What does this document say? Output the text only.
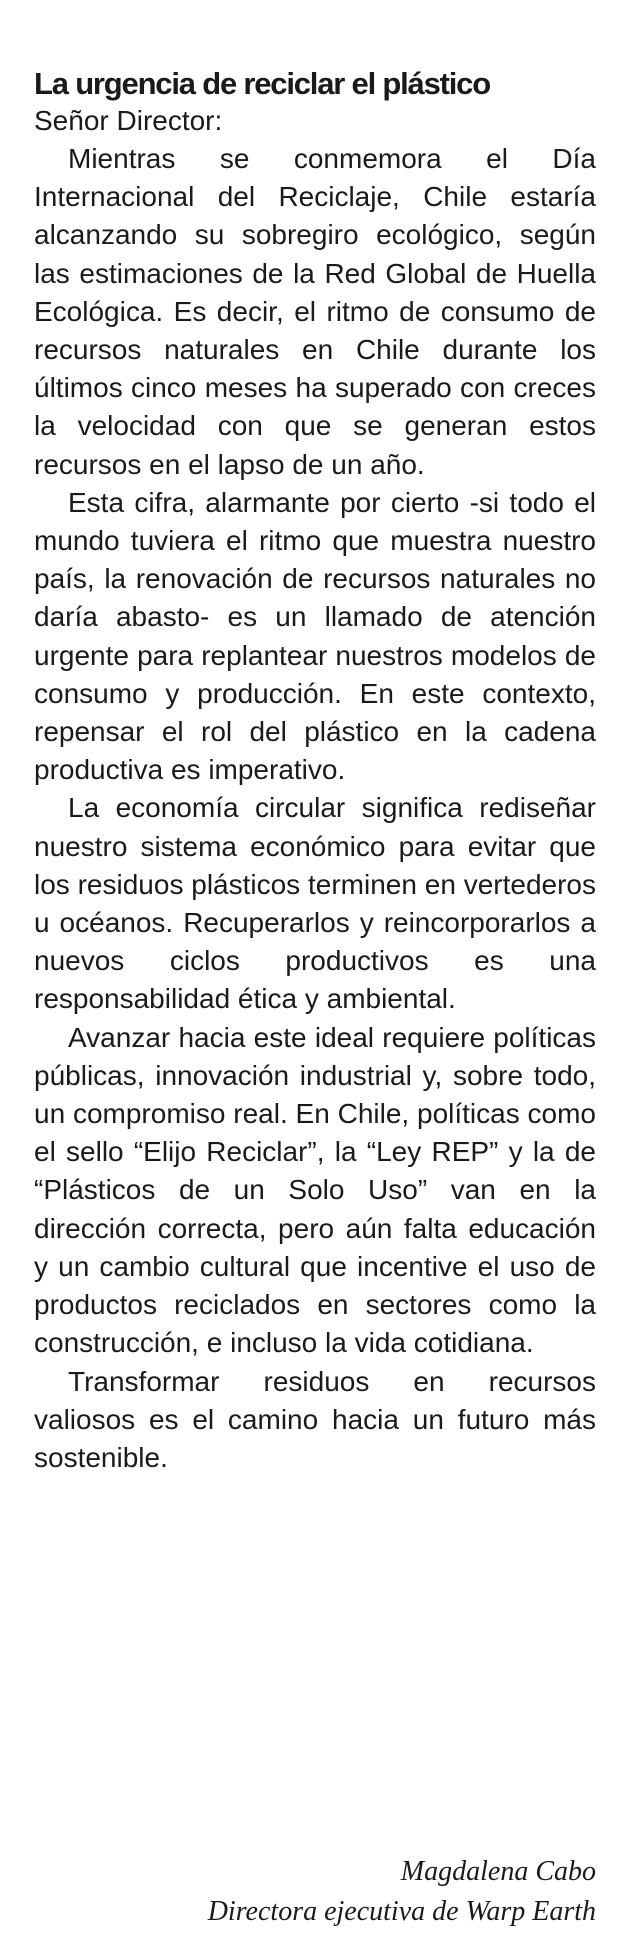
La urgencia de reciclar el plástico

Señor Director:

Mientras se conmemora el Día Internacional del Reciclaje, Chile estaría alcanzando su sobregiro ecológico, según las estimaciones de la Red Global de Huella Ecológica. Es decir, el ritmo de consumo de recursos naturales en Chile durante los últimos cinco meses ha superado con creces la velocidad con que se generan estos recursos en el lapso de un año.

Esta cifra, alarmante por cierto -si todo el mundo tuviera el ritmo que muestra nuestro país, la renovación de recursos naturales no daría abasto- es un llamado de atención urgente para replantear nuestros modelos de consumo y producción. En este contexto, repensar el rol del plástico en la cadena productiva es imperativo.

La economía circular significa rediseñar nuestro sistema económico para evitar que los residuos plásticos terminen en vertederos u océanos. Recuperarlos y reincorporarlos a nuevos ciclos productivos es una responsabilidad ética y ambiental.

Avanzar hacia este ideal requiere políticas públicas, innovación industrial y, sobre todo, un compromiso real. En Chile, políticas como el sello “Elijo Reciclar”, la “Ley REP” y la de “Plásticos de un Solo Uso” van en la dirección correcta, pero aún falta educación y un cambio cultural que incentive el uso de productos reciclados en sectores como la construcción, e incluso la vida cotidiana.

Transformar residuos en recursos valiosos es el camino hacia un futuro más sostenible.

Magdalena Cabo
Directora ejecutiva de Warp Earth
